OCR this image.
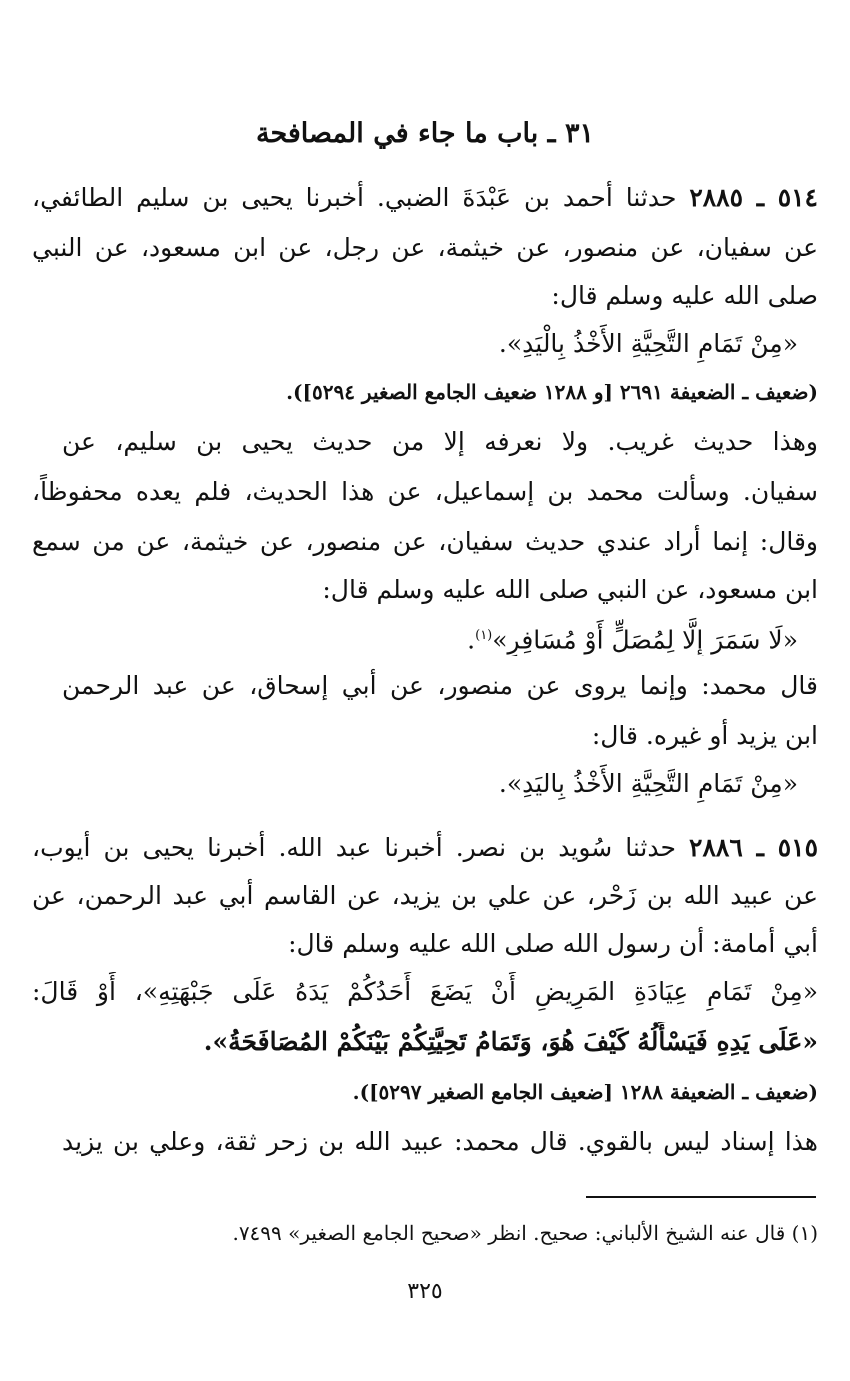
٣١ ـ باب ما جاء في المصافحة
٥١٤ ـ ٢٨٨٥ حدثنا أحمد بن عَبْدَةَ الضبي. أخبرنا يحيى بن سليم الطائفي،
عن سفيان، عن منصور، عن خيثمة، عن رجل، عن ابن مسعود، عن النبي
صلى الله عليه وسلم قال:
«مِنْ تَمَامِ التَّحِيَّةِ الأَخْذُ بِالْيَدِ».
(ضعيف ـ الضعيفة ٢٦٩١ [و ١٢٨٨ ضعيف الجامع الصغير ٥٢٩٤]).
وهذا حديث غريب. ولا نعرفه إلا من حديث يحيى بن سليم، عن
سفيان. وسألت محمد بن إسماعيل، عن هذا الحديث، فلم يعده محفوظاً،
وقال: إنما أراد عندي حديث سفيان، عن منصور، عن خيثمة، عن من سمع
ابن مسعود، عن النبي صلى الله عليه وسلم قال:
«لَا سَمَرَ إِلَّا لِمُصَلٍّ أَوْ مُسَافِرٍ»$^{(١)}$.
قال محمد: وإنما يروى عن منصور، عن أبي إسحاق، عن عبد الرحمن
ابن يزيد أو غيره. قال:
«مِنْ تَمَامِ التَّحِيَّةِ الأَخْذُ بِاليَدِ».
٥١٥ ـ ٢٨٨٦ حدثنا سُويد بن نصر. أخبرنا عبد الله. أخبرنا يحيى بن أيوب،
عن عبيد الله بن زَحْر، عن علي بن يزيد، عن القاسم أبي عبد الرحمن، عن
أبي أمامة: أن رسول الله صلى الله عليه وسلم قال:
«مِنْ تَمَامِ عِيَادَةِ المَرِيضِ أَنْ يَضَعَ أَحَدُكُمْ يَدَهُ عَلَى جَبْهَتِهِ»، أَوْ قَالَ:
«عَلَى يَدِهِ فَيَسْأَلُهُ كَيْفَ هُوَ، وَتَمَامُ تَحِيَّتِكُمْ بَيْنَكُمْ المُصَافَحَةُ».
(ضعيف ـ الضعيفة ١٢٨٨ [ضعيف الجامع الصغير ٥٢٩٧]).
هذا إسناد ليس بالقوي. قال محمد: عبيد الله بن زحر ثقة، وعلي بن يزيد
(١) قال عنه الشيخ الألباني: صحيح. انظر «صحيح الجامع الصغير» ٧٤٩٩.
٣٢٥
